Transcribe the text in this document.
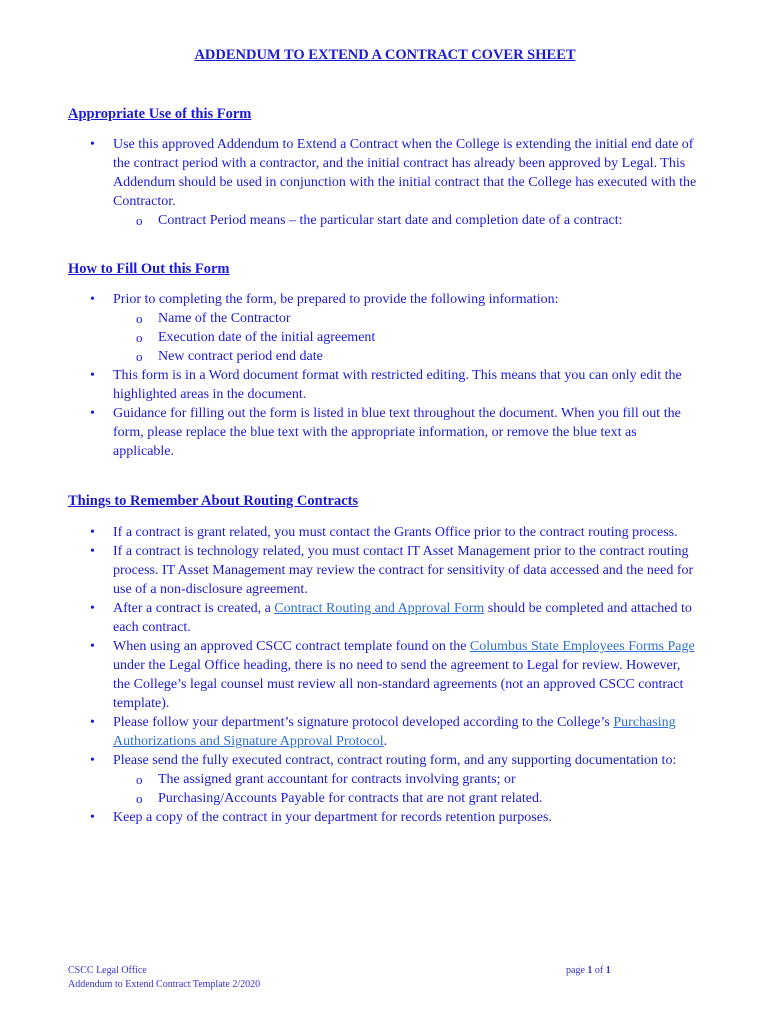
ADDENDUM TO EXTEND A CONTRACT COVER SHEET
Appropriate Use of this Form
• Use this approved Addendum to Extend a Contract when the College is extending the initial end date of the contract period with a contractor, and the initial contract has already been approved by Legal. This Addendum should be used in conjunction with the initial contract that the College has executed with the Contractor.
o Contract Period means – the particular start date and completion date of a contract:
How to Fill Out this Form
• Prior to completing the form, be prepared to provide the following information:
o Name of the Contractor
o Execution date of the initial agreement
o New contract period end date
• This form is in a Word document format with restricted editing. This means that you can only edit the highlighted areas in the document.
• Guidance for filling out the form is listed in blue text throughout the document. When you fill out the form, please replace the blue text with the appropriate information, or remove the blue text as applicable.
Things to Remember About Routing Contracts
• If a contract is grant related, you must contact the Grants Office prior to the contract routing process.
• If a contract is technology related, you must contact IT Asset Management prior to the contract routing process. IT Asset Management may review the contract for sensitivity of data accessed and the need for use of a non-disclosure agreement.
• After a contract is created, a Contract Routing and Approval Form should be completed and attached to each contract.
• When using an approved CSCC contract template found on the Columbus State Employees Forms Page under the Legal Office heading, there is no need to send the agreement to Legal for review. However, the College’s legal counsel must review all non-standard agreements (not an approved CSCC contract template).
• Please follow your department’s signature protocol developed according to the College’s Purchasing Authorizations and Signature Approval Protocol.
• Please send the fully executed contract, contract routing form, and any supporting documentation to:
o The assigned grant accountant for contracts involving grants; or
o Purchasing/Accounts Payable for contracts that are not grant related.
• Keep a copy of the contract in your department for records retention purposes.
CSCC Legal Office
Addendum to Extend Contract Template 2/2020
page 1 of 1
